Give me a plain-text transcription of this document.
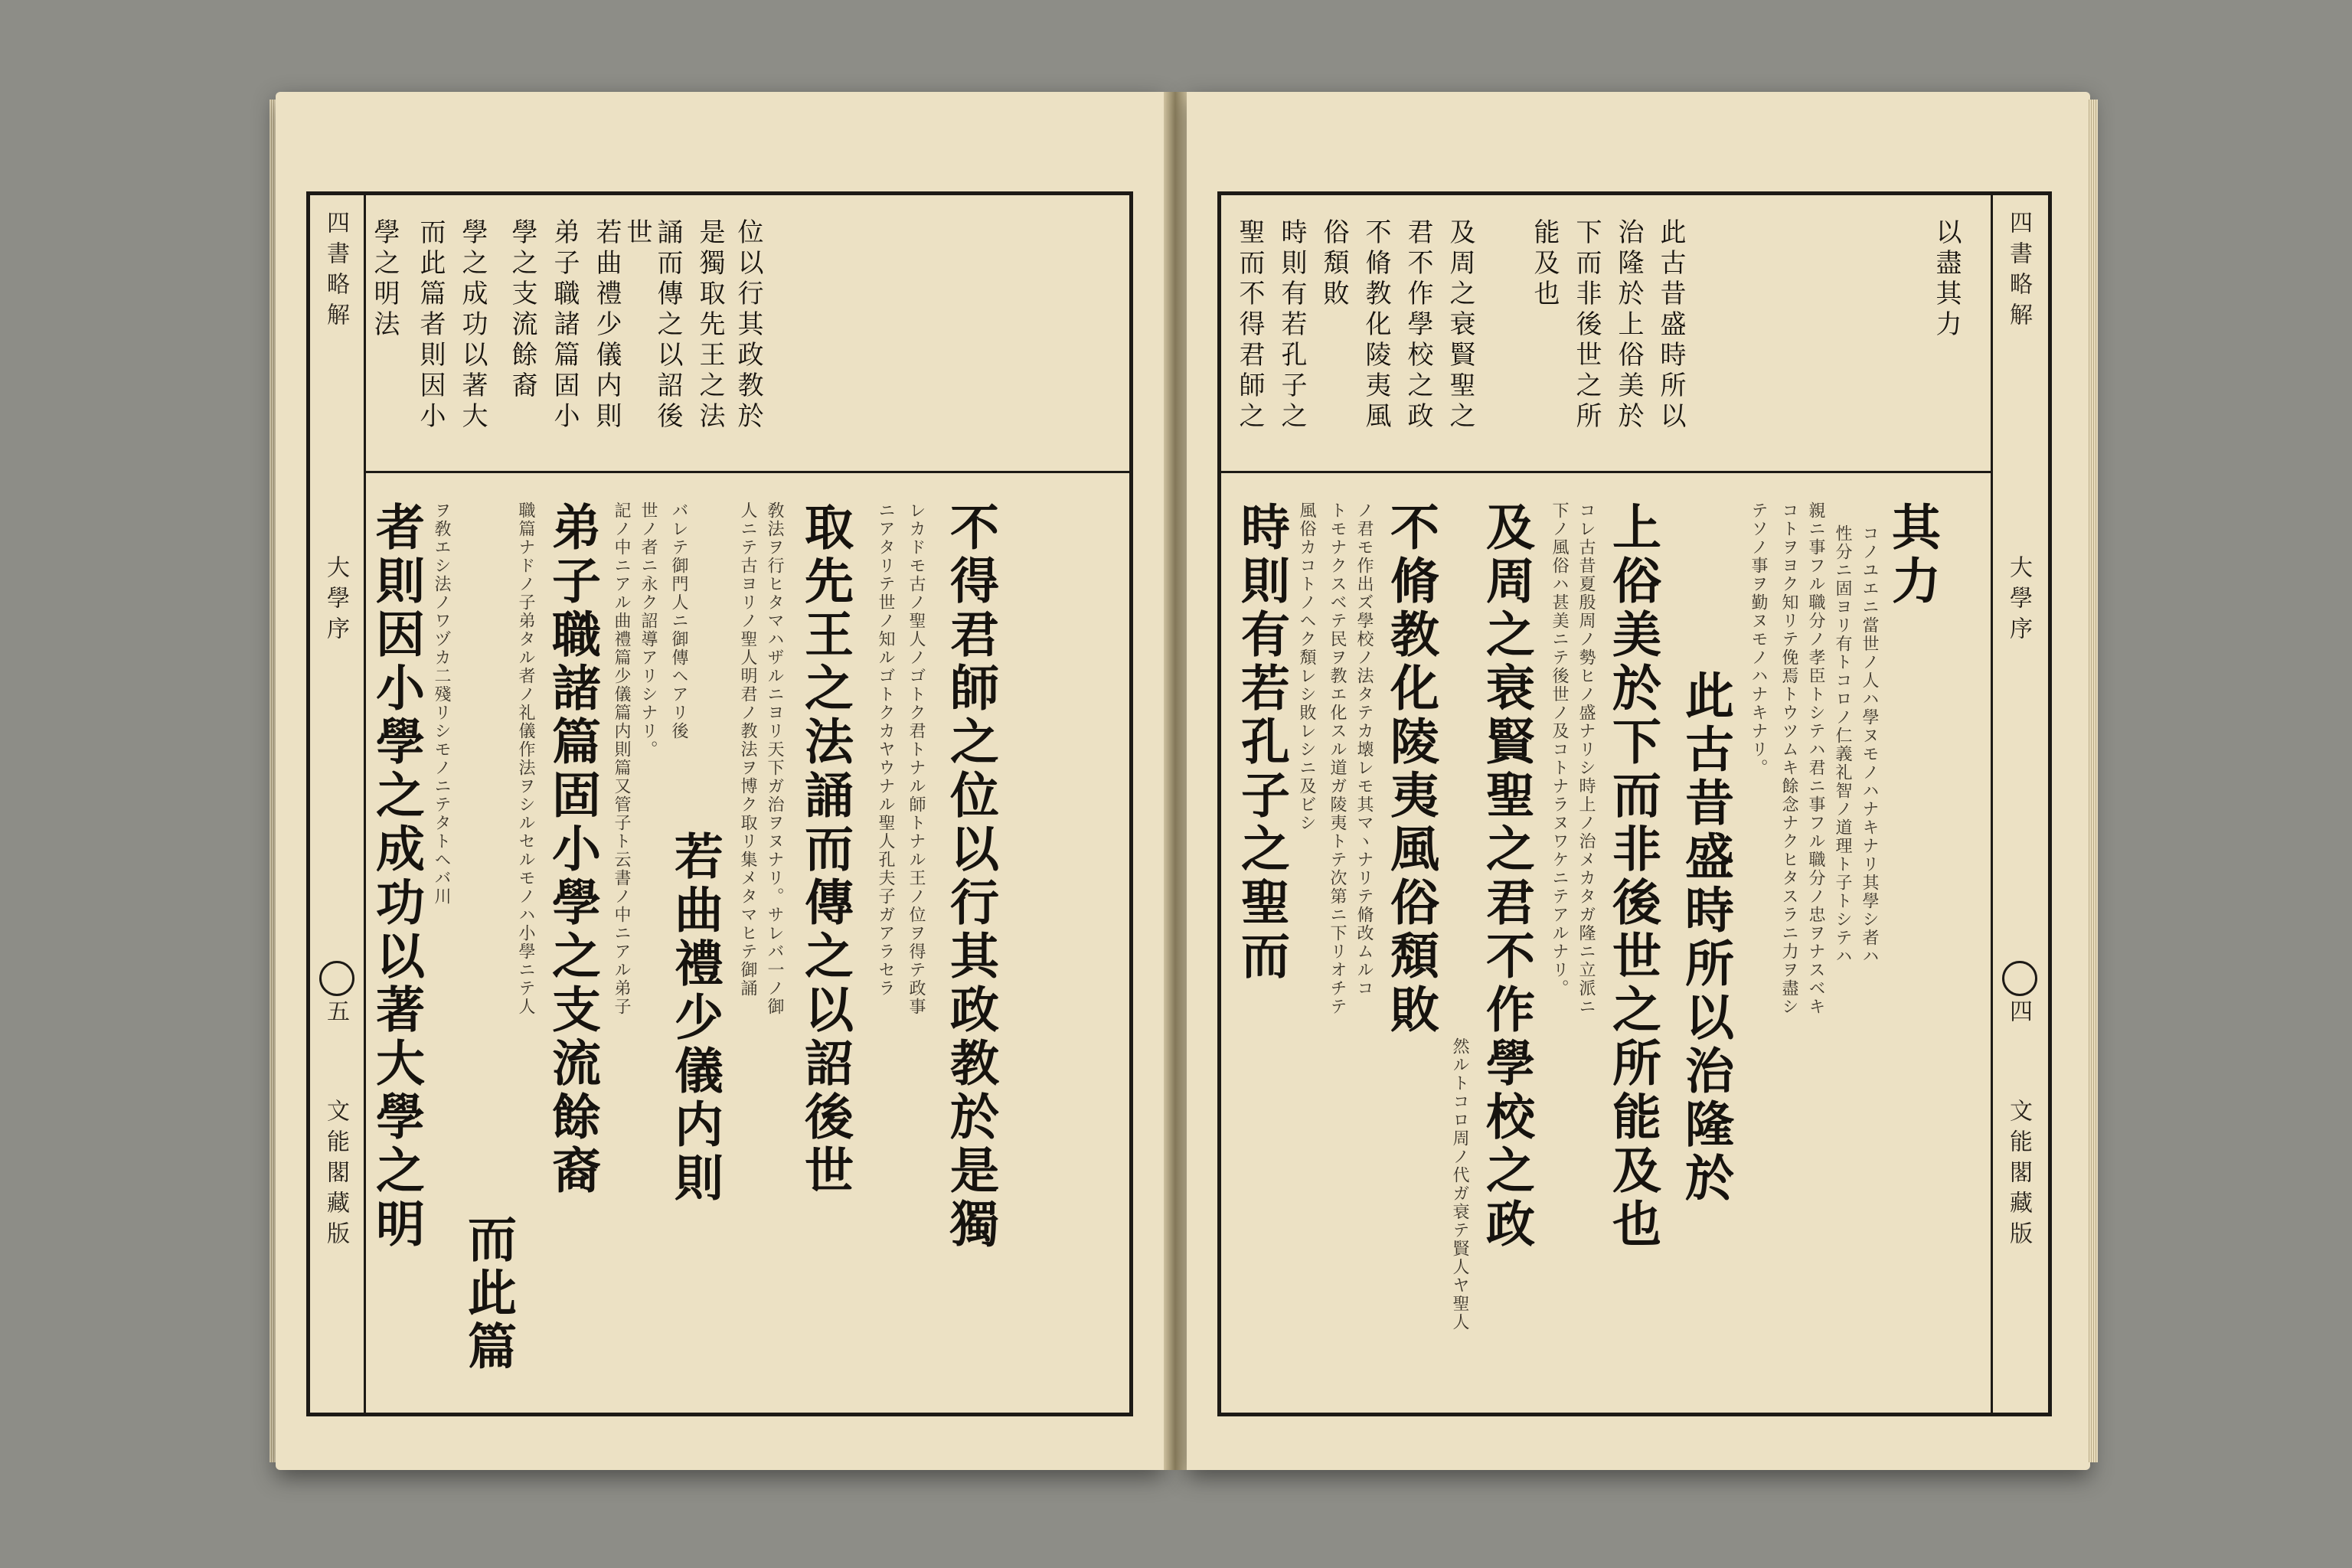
四書略解
大學序
五
文能閣藏版
學之明法 而此篇者則因小 學之成功以著大 學之支流餘裔 弟子職諸篇固小 若曲禮少儀内則	是獨取先王之法 位以行其政教於
誦而傳之以詔後
世
者則因小學之成功以著大學之明 ヲ敎エシ法ノワヅカ二殘リシモノニテタトヘバ川
而此篇
職篇ナドノ子弟タル者ノ礼儀作法ヲシルセルモノハ小學ニテ人 弟子職諸篇固小學之支流餘裔 記ノ中ニアル曲禮篇少儀篇内則篇又管子ト云書ノ中ニアル弟子 世ノ者ニ永ク詔導アリシナリ。
若曲禮少儀内則
バレテ御門人ニ御傳ヘアリ後	人ニテ古ヨリノ聖人明君ノ教法ヲ博ク取リ集メタマヒテ御誦 敎法ヲ行ヒタマハザルニヨリ天下ガ治ヲヌナリ。サレバ一ノ御 取先王之法誦而傳之以詔後世 ニアタリテ世ノ知ルゴトクカヤウナル聖人孔夫子ガアラセラ レカドモ古ノ聖人ノゴトク君トナル師トナル王ノ位ヲ得テ政事 不得君師之位以行其政教於是獨
聖而不得君師之 時則有若孔子之 俗頽敗 不脩教化陵夷風 君不作學校之政 及周之衰賢聖之 能及也 下而非後世之所 治隆於上俗美於 此古昔盛時所以	以盡其力
時則有若孔子之聖而 風俗カコトノヘク頽レシ敗レシニ及ビシ トモナクスベテ民ヲ教エ化スル道ガ陵夷トテ次第ニ下リオチテ ノ君モ作出ズ學校ノ法タテカ壊レモ其マヽナリテ脩改ムルコ 不脩教化陵夷風俗頽敗
然ルトコロ周ノ代ガ衰テ賢人ヤ聖人 及周之衰賢聖之君不作學校之政 下ノ風俗ハ甚美ニテ後世ノ及コトナラヌワケニテアルナリ。 コレ古昔夏殷周ノ勢ヒノ盛ナリシ時上ノ治メカタガ隆ニ立派ニ 上俗美於下而非後世之所能及也 此古昔盛時所以治隆於
テソノ事ヲ勤ヌモノハナキナリ。 コトヲヨク知リテ俛焉トウツムキ餘念ナクヒタスラニ力ヲ盡シ 親ニ事フル職分ノ孝臣トシテハ君ニ事フル職分ノ忠ヲナスベキ 性分ニ固ヨリ有トコロノ仁義礼智ノ道理ト子トシテハ コノユエニ當世ノ人ハ學ヌモノハナキナリ其學シ者ハ 其力
四書略解
大學序
四
文能閣藏版
